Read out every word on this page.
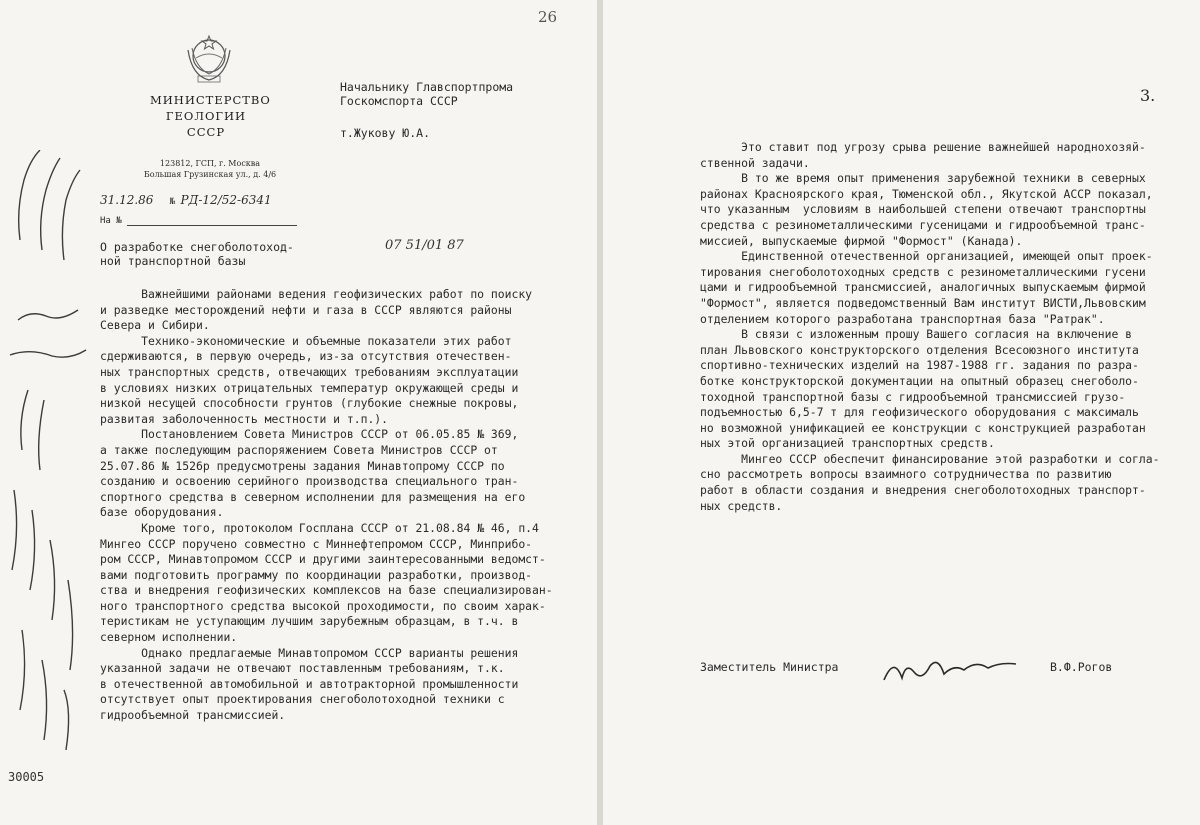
МИНИСТЕРСТВО
ГЕОЛОГИИ СССР
26
123812, ГСП, г. Москва
Большая Грузинская ул., д. 4/6
31.12.86 № РД-12/52-6341
На №
Начальнику Главспортпрома
Госкомспорта СССР
т.Жукову Ю.А.
О разработке снегоболотоход-
ной транспортной базы
07 51/01 87
Важнейшими районами ведения геофизических работ по поиску
и разведке месторождений нефти и газа в СССР являются районы
Севера и Сибири.
Технико-экономические и объемные показатели этих работ
сдерживаются, в первую очередь, из-за отсутствия отечествен-
ных транспортных средств, отвечающих требованиям эксплуатации
в условиях низких отрицательных температур окружающей среды и
низкой несущей способности грунтов (глубокие снежные покровы,
развитая заболоченность местности и т.п.).
Постановлением Совета Министров СССР от 06.05.85 № 369,
а также последующим распоряжением Совета Министров СССР от
25.07.86 № 1526р предусмотрены задания Минавтопрому СССР по
созданию и освоению серийного производства специального тран-
спортного средства в северном исполнении для размещения на его
базе оборудования.
Кроме того, протоколом Госплана СССР от 21.08.84 № 46, п.4
Мингео СССР поручено совместно с Миннефтепромом СССР, Минприбо-
ром СССР, Минавтопромом СССР и другими заинтересованными ведомст-
вами подготовить программу по координации разработки, производ-
ства и внедрения геофизических комплексов на базе специализирован-
ного транспортного средства высокой проходимости, по своим харак-
теристикам не уступающим лучшим зарубежным образцам, в т.ч. в
северном исполнении.
Однако предлагаемые Минавтопромом СССР варианты решения
указанной задачи не отвечают поставленным требованиям, т.к.
в отечественной автомобильной и автотракторной промышленности
отсутствует опыт проектирования снегоболотоходной техники с
гидрообъемной трансмиссией.
30005
3.
Это ставит под угрозу срыва решение важнейшей народнохозяй-
ственной задачи.
В то же время опыт применения зарубежной техники в северных
районах Красноярского края, Тюменской обл., Якутской АССР показал,
что указанным  условиям в наибольшей степени отвечают транспортны
средства с резинометаллическими гусеницами и гидрообъемной транс-
миссией, выпускаемые фирмой "Формост" (Канада).
Единственной отечественной организацией, имеющей опыт проек-
тирования снегоболотоходных средств с резинометаллическими гусени
цами и гидрообъемной трансмиссией, аналогичных выпускаемым фирмой
"Формост", является подведомственный Вам институт ВИСТИ,Львовским
отделением которого разработана транспортная база "Ратрак".
В связи с изложенным прошу Вашего согласия на включение в
план Львовского конструкторского отделения Всесоюзного института
спортивно-технических изделий на 1987-1988 гг. задания по разра-
ботке конструкторской документации на опытный образец снегоболо-
тоходной транспортной базы с гидрообъемной трансмиссией грузо-
подъемностью 6,5-7 т для геофизического оборудования с максималь
но возможной унификацией ее конструкции с конструкцией разработан
ных этой организацией транспортных средств.
Мингео СССР обеспечит финансирование этой разработки и согла-
сно рассмотреть вопросы взаимного сотрудничества по развитию
работ в области создания и внедрения снегоболотоходных транспорт-
ных средств.
Заместитель Министра	В.Ф.Рогов
